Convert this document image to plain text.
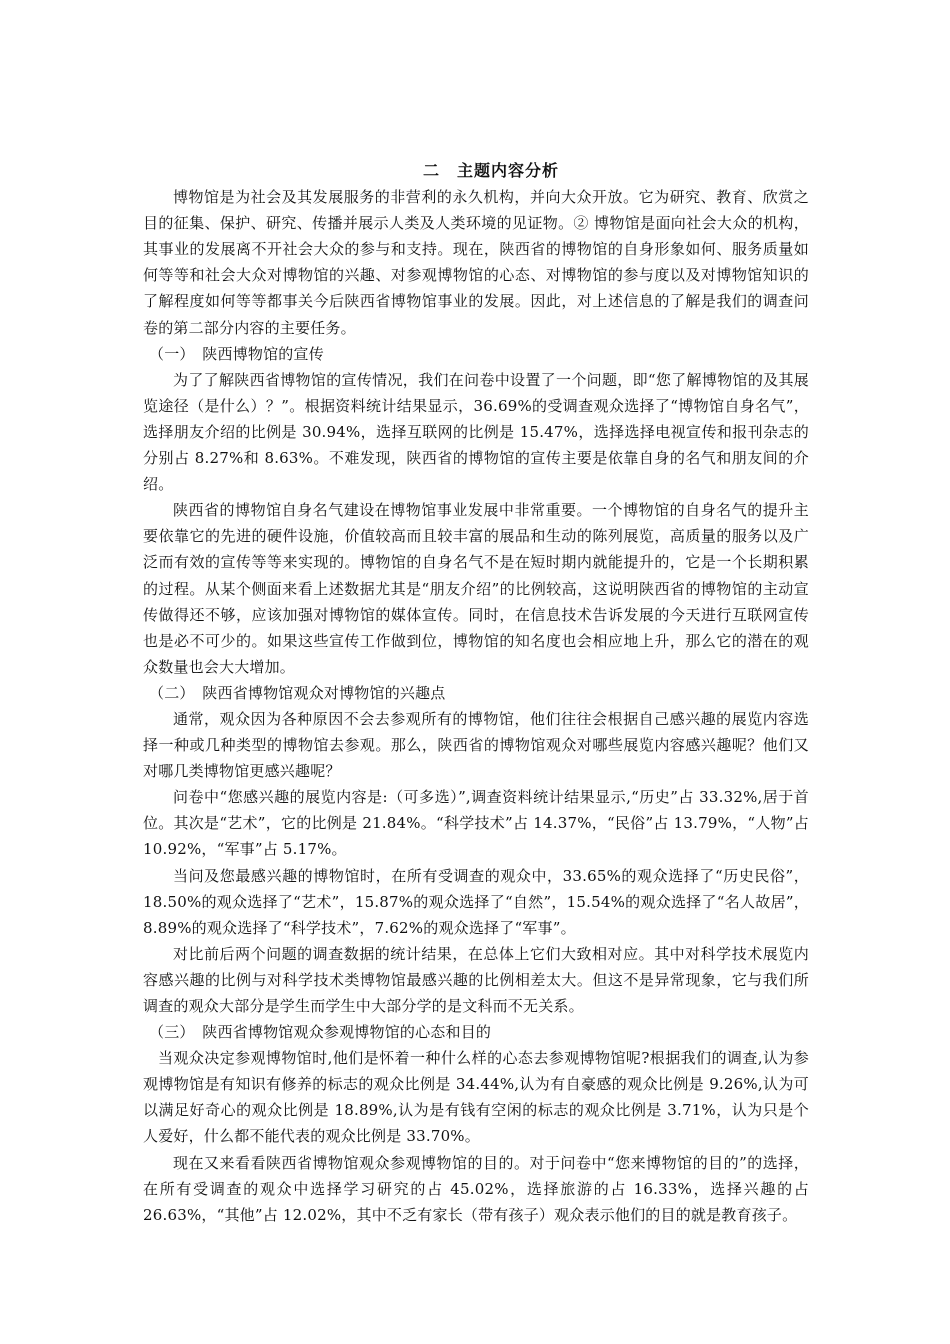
二　主题内容分析

博物馆是为社会及其发展服务的非营利的永久机构，并向大众开放。它为研究、教育、欣赏之目的征集、保护、研究、传播并展示人类及人类环境的见证物。② 博物馆是面向社会大众的机构，其事业的发展离不开社会大众的参与和支持。现在，陕西省的博物馆的自身形象如何、服务质量如何等等和社会大众对博物馆的兴趣、对参观博物馆的心态、对博物馆的参与度以及对博物馆知识的了解程度如何等等都事关今后陕西省博物馆事业的发展。因此，对上述信息的了解是我们的调查问卷的第二部分内容的主要任务。

（一）　陕西博物馆的宣传

为了了解陕西省博物馆的宣传情况，我们在问卷中设置了一个问题，即“您了解博物馆的及其展览途径（是什么）？”。根据资料统计结果显示，36.69%的受调查观众选择了“博物馆自身名气”，选择朋友介绍的比例是 30.94%，选择互联网的比例是 15.47%，选择选择电视宣传和报刊杂志的分别占 8.27%和 8.63%。不难发现，陕西省的博物馆的宣传主要是依靠自身的名气和朋友间的介绍。

陕西省的博物馆自身名气建设在博物馆事业发展中非常重要。一个博物馆的自身名气的提升主要依靠它的先进的硬件设施，价值较高而且较丰富的展品和生动的陈列展览，高质量的服务以及广泛而有效的宣传等等来实现的。博物馆的自身名气不是在短时期内就能提升的，它是一个长期积累的过程。从某个侧面来看上述数据尤其是“朋友介绍”的比例较高，这说明陕西省的博物馆的主动宣传做得还不够，应该加强对博物馆的媒体宣传。同时，在信息技术告诉发展的今天进行互联网宣传也是必不可少的。如果这些宣传工作做到位，博物馆的知名度也会相应地上升，那么它的潜在的观众数量也会大大增加。

（二）　陕西省博物馆观众对博物馆的兴趣点

通常，观众因为各种原因不会去参观所有的博物馆，他们往往会根据自己感兴趣的展览内容选择一种或几种类型的博物馆去参观。那么，陕西省的博物馆观众对哪些展览内容感兴趣呢？他们又对哪几类博物馆更感兴趣呢？

问卷中“您感兴趣的展览内容是:（可多选）”,调查资料统计结果显示,“历史”占 33.32%,居于首位。其次是“艺术”，它的比例是 21.84%。“科学技术”占 14.37%，“民俗”占 13.79%，“人物”占 10.92%，“军事”占 5.17%。

当问及您最感兴趣的博物馆时，在所有受调查的观众中，33.65%的观众选择了“历史民俗”，18.50%的观众选择了“艺术”，15.87%的观众选择了“自然”，15.54%的观众选择了“名人故居”，8.89%的观众选择了“科学技术”，7.62%的观众选择了“军事”。

对比前后两个问题的调查数据的统计结果，在总体上它们大致相对应。其中对科学技术展览内容感兴趣的比例与对科学技术类博物馆最感兴趣的比例相差太大。但这不是异常现象，它与我们所调查的观众大部分是学生而学生中大部分学的是文科而不无关系。

（三）　陕西省博物馆观众参观博物馆的心态和目的

当观众决定参观博物馆时,他们是怀着一种什么样的心态去参观博物馆呢?根据我们的调查,认为参观博物馆是有知识有修养的标志的观众比例是 34.44%,认为有自豪感的观众比例是 9.26%,认为可以满足好奇心的观众比例是 18.89%,认为是有钱有空闲的标志的观众比例是 3.71%，认为只是个人爱好，什么都不能代表的观众比例是 33.70%。

现在又来看看陕西省博物馆观众参观博物馆的目的。对于问卷中“您来博物馆的目的”的选择，在所有受调查的观众中选择学习研究的占 45.02%，选择旅游的占 16.33%，选择兴趣的占 26.63%，“其他”占 12.02%，其中不乏有家长（带有孩子）观众表示他们的目的就是教育孩子。
